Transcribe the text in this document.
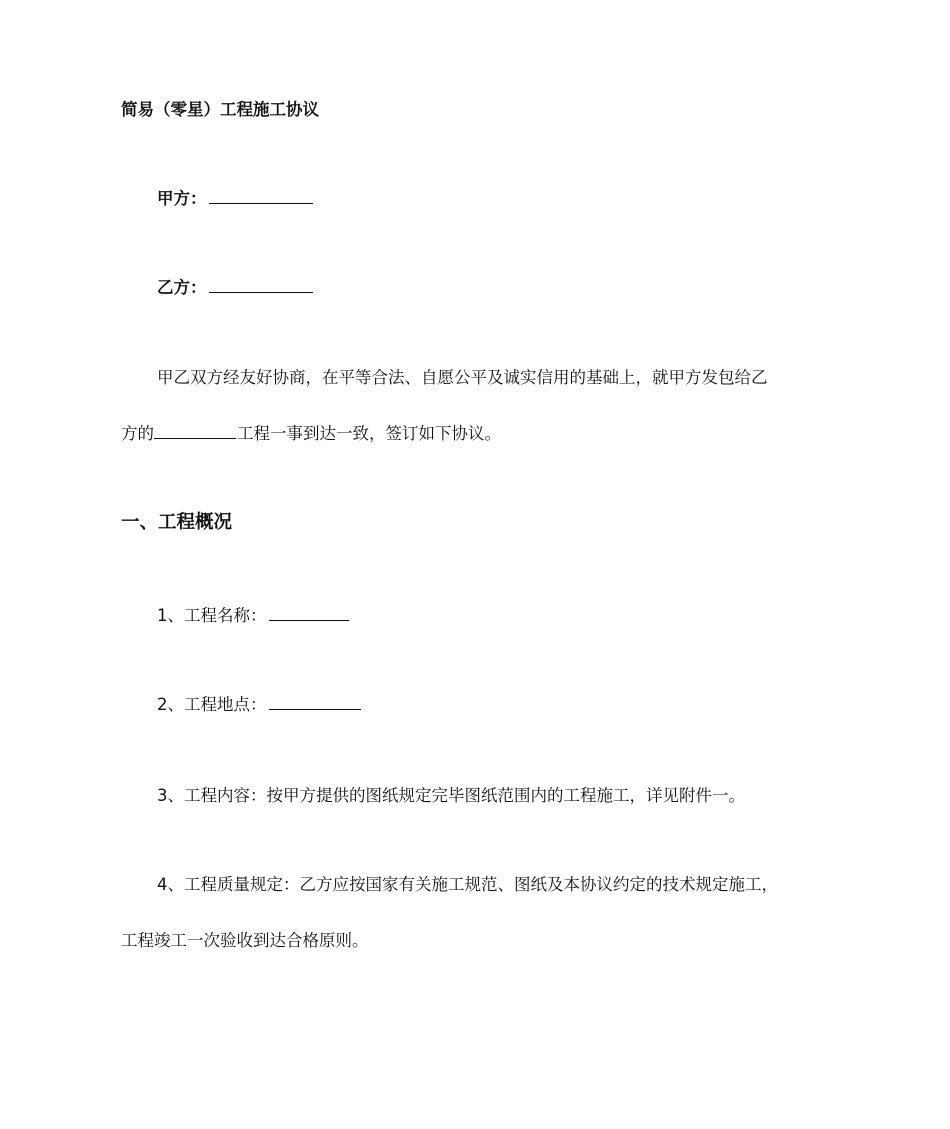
简易（零星）工程施工协议
甲方：
乙方：
甲乙双方经友好协商，在平等合法、自愿公平及诚实信用的基础上，就甲方发包给乙
方的	工程一事到达一致，签订如下协议。
一、工程概况
1、工程名称：
2、工程地点：
3、工程内容：按甲方提供的图纸规定完毕图纸范围内的工程施工，详见附件一。
4、工程质量规定：乙方应按国家有关施工规范、图纸及本协议约定的技术规定施工，
工程竣工一次验收到达合格原则。
